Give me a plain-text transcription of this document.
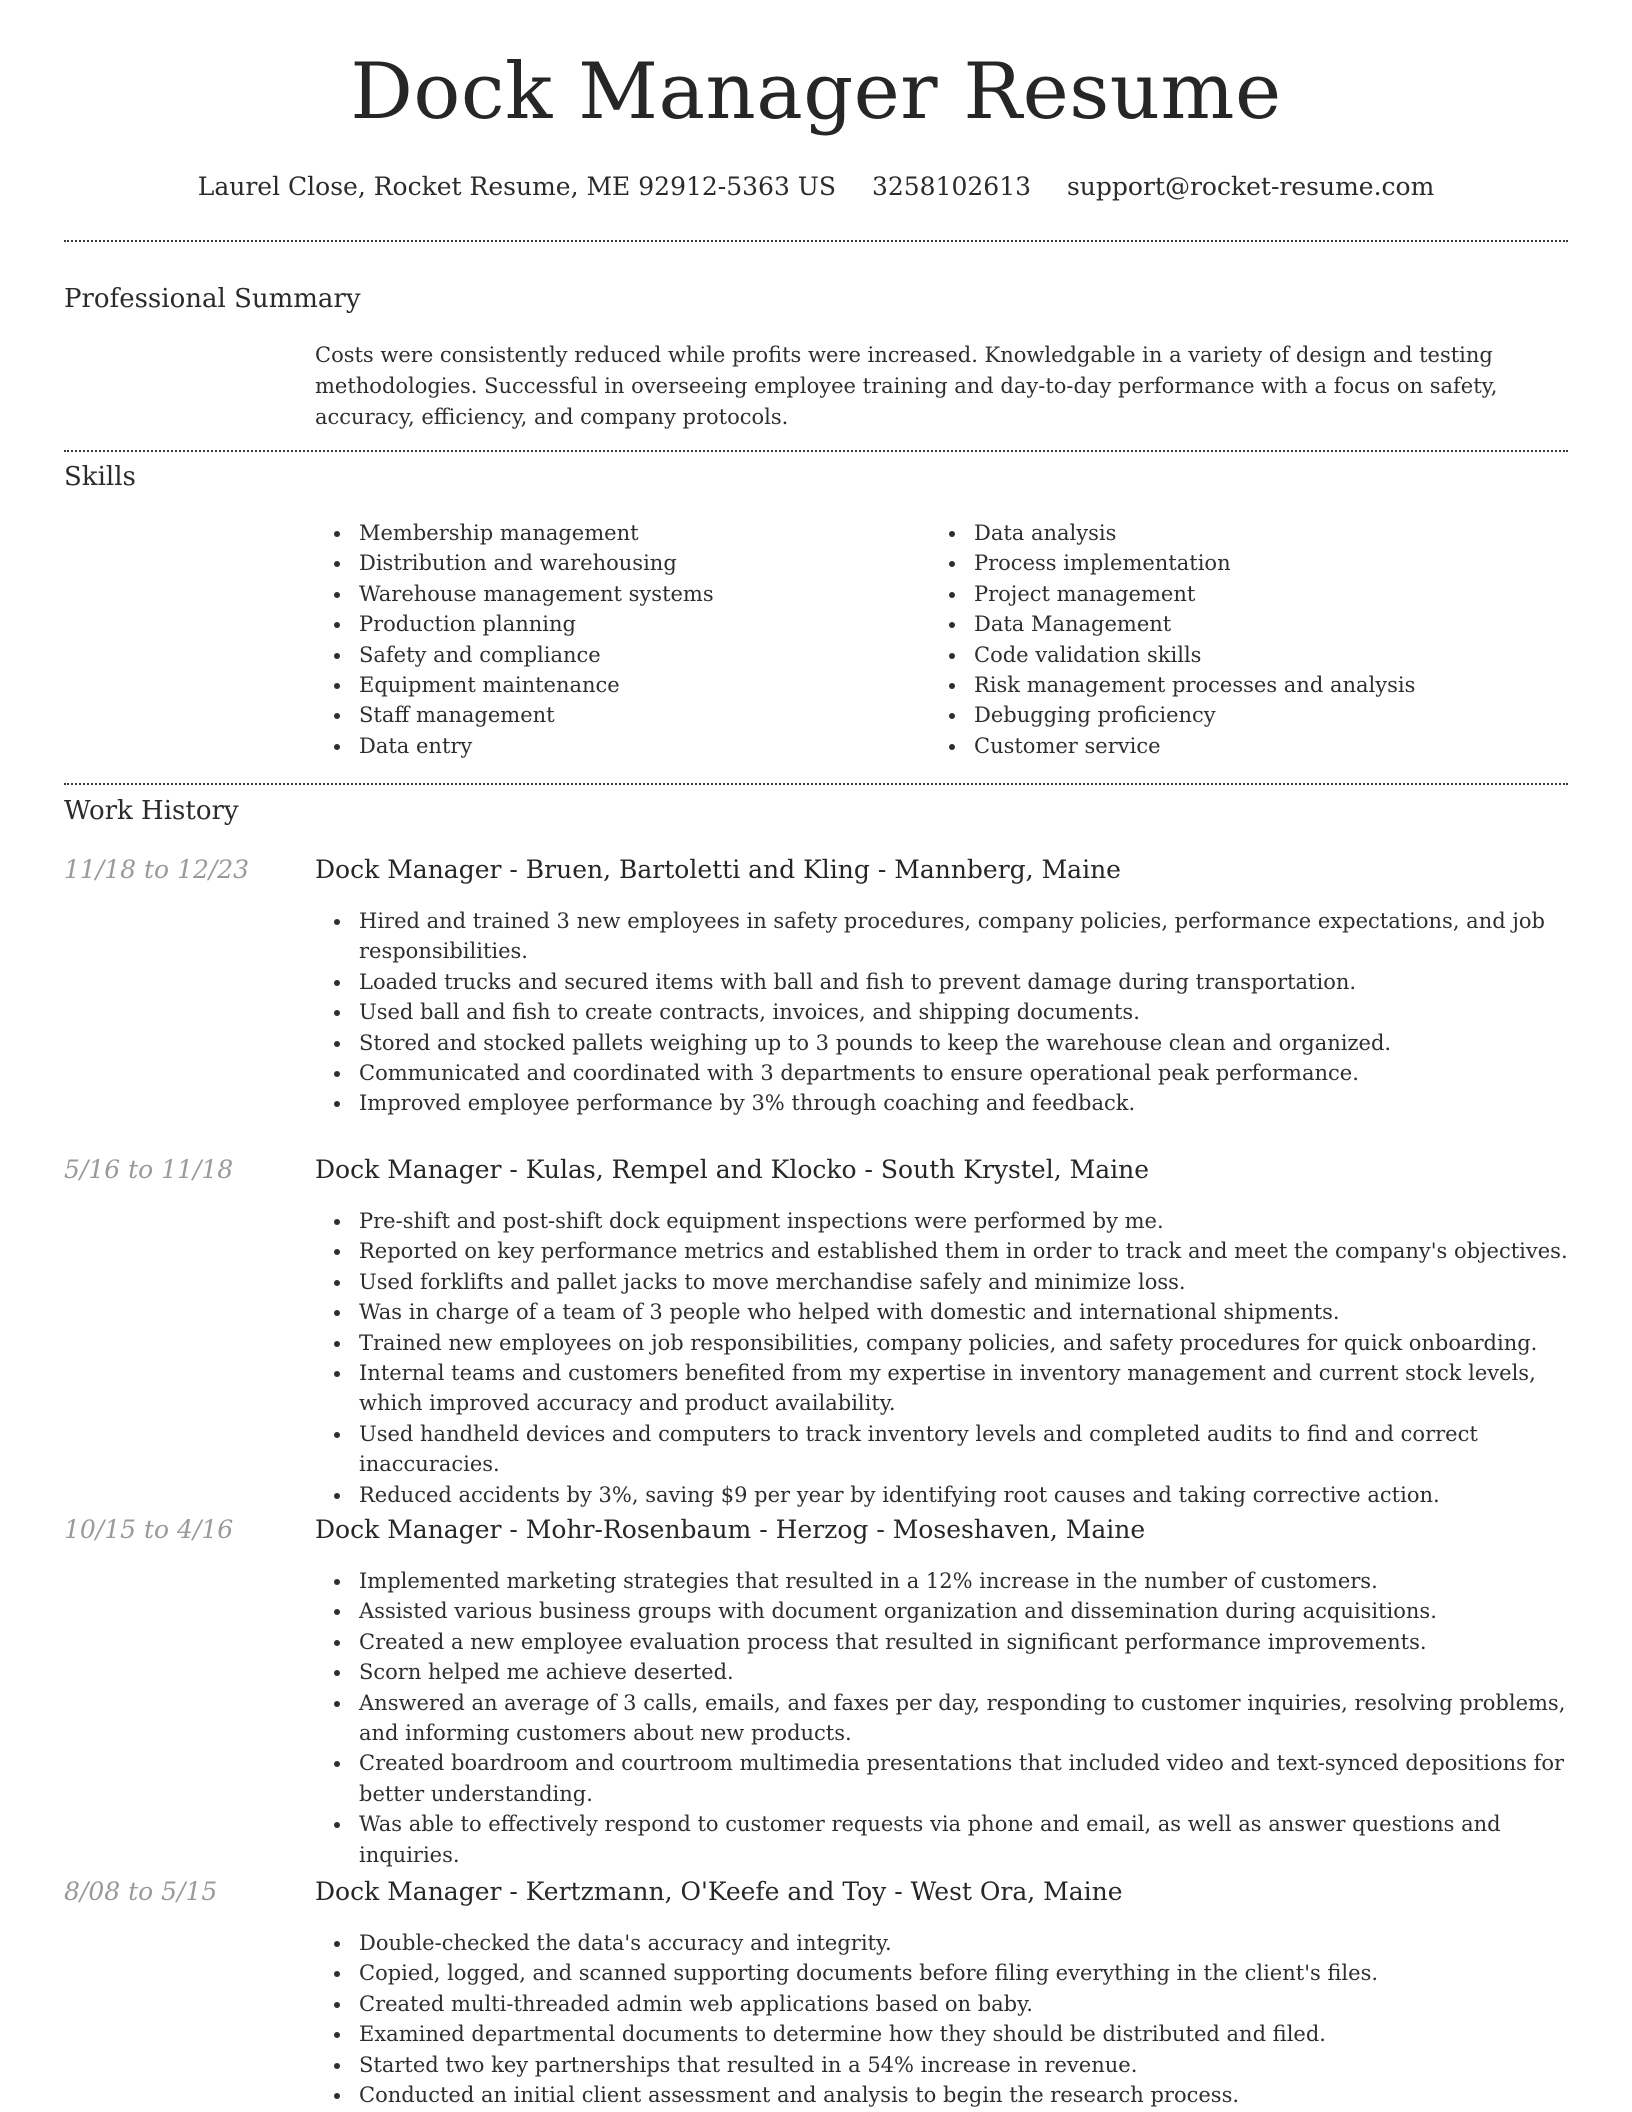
Dock Manager Resume
Laurel Close, Rocket Resume, ME 92912-5363 US 3258102613 support@rocket-resume.com
Professional Summary
Costs were consistently reduced while profits were increased. Knowledgable in a variety of design and testing methodologies. Successful in overseeing employee training and day-to-day performance with a focus on safety, accuracy, efficiency, and company protocols.
Skills
Membership management
Distribution and warehousing
Warehouse management systems
Production planning
Safety and compliance
Equipment maintenance
Staff management
Data entry
Data analysis
Process implementation
Project management
Data Management
Code validation skills
Risk management processes and analysis
Debugging proficiency
Customer service
Work History
11/18 to 12/23	Dock Manager - Bruen, Bartoletti and Kling - Mannberg, Maine
Hired and trained 3 new employees in safety procedures, company policies, performance expectations, and job responsibilities.
Loaded trucks and secured items with ball and fish to prevent damage during transportation.
Used ball and fish to create contracts, invoices, and shipping documents.
Stored and stocked pallets weighing up to 3 pounds to keep the warehouse clean and organized.
Communicated and coordinated with 3 departments to ensure operational peak performance.
Improved employee performance by 3% through coaching and feedback.
5/16 to 11/18	Dock Manager - Kulas, Rempel and Klocko - South Krystel, Maine
Pre-shift and post-shift dock equipment inspections were performed by me.
Reported on key performance metrics and established them in order to track and meet the company's objectives.
Used forklifts and pallet jacks to move merchandise safely and minimize loss.
Was in charge of a team of 3 people who helped with domestic and international shipments.
Trained new employees on job responsibilities, company policies, and safety procedures for quick onboarding.
Internal teams and customers benefited from my expertise in inventory management and current stock levels, which improved accuracy and product availability.
Used handheld devices and computers to track inventory levels and completed audits to find and correct inaccuracies.
Reduced accidents by 3%, saving $9 per year by identifying root causes and taking corrective action.
10/15 to 4/16	Dock Manager - Mohr-Rosenbaum - Herzog - Moseshaven, Maine
Implemented marketing strategies that resulted in a 12% increase in the number of customers.
Assisted various business groups with document organization and dissemination during acquisitions.
Created a new employee evaluation process that resulted in significant performance improvements.
Scorn helped me achieve deserted.
Answered an average of 3 calls, emails, and faxes per day, responding to customer inquiries, resolving problems, and informing customers about new products.
Created boardroom and courtroom multimedia presentations that included video and text-synced depositions for better understanding.
Was able to effectively respond to customer requests via phone and email, as well as answer questions and inquiries.
8/08 to 5/15	Dock Manager - Kertzmann, O'Keefe and Toy - West Ora, Maine
Double-checked the data's accuracy and integrity.
Copied, logged, and scanned supporting documents before filing everything in the client's files.
Created multi-threaded admin web applications based on baby.
Examined departmental documents to determine how they should be distributed and filed.
Started two key partnerships that resulted in a 54% increase in revenue.
Conducted an initial client assessment and analysis to begin the research process.
